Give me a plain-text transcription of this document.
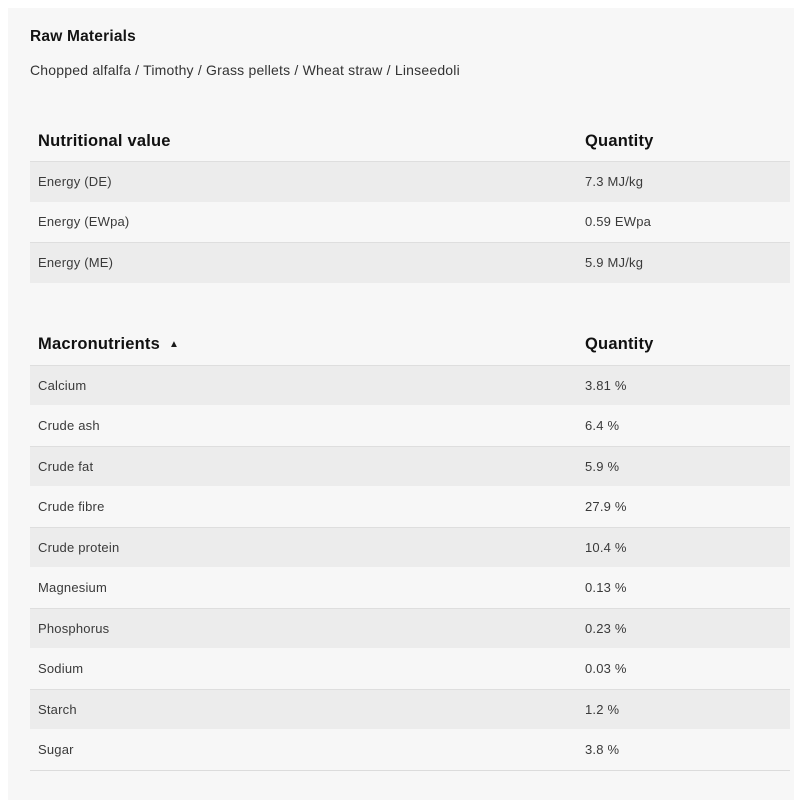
Raw Materials

Chopped alfalfa / Timothy / Grass pellets / Wheat straw / Linseedoli

Nutritional value	Quantity
Energy (DE)	7.3 MJ/kg
Energy (EWpa)	0.59 EWpa
Energy (ME)	5.9 MJ/kg
Macronutrients ▲	Quantity
Calcium	3.81 %
Crude ash	6.4 %
Crude fat	5.9 %
Crude fibre	27.9 %
Crude protein	10.4 %
Magnesium	0.13 %
Phosphorus	0.23 %
Sodium	0.03 %
Starch	1.2 %
Sugar	3.8 %
